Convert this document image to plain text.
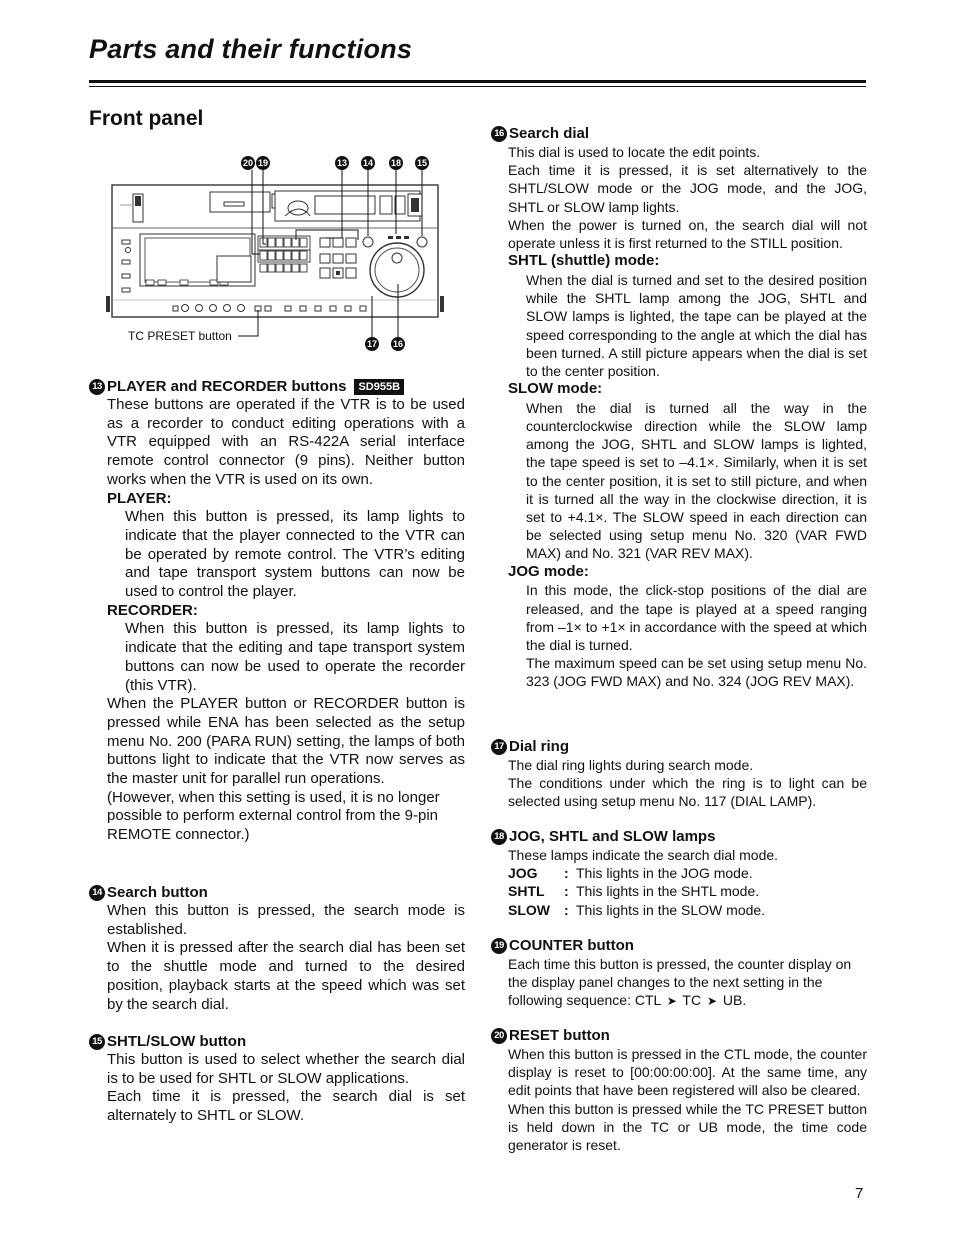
Parts and their functions
Front panel
20 19	13 14 18 15
17 16
TC PRESET button

13 PLAYER and RECORDER buttons	SD955B

These buttons are operated if the VTR is to be used as a recorder to conduct editing operations with a VTR equipped with an RS-422A serial interface remote control connector (9 pins). Neither button works when the VTR is used on its own.

PLAYER:

When this button is pressed, its lamp lights to indicate that the player connected to the VTR can be operated by remote control. The VTR’s editing and tape transport system buttons can now be used to control the player.

RECORDER:

When this button is pressed, its lamp lights to indicate that the editing and tape transport system buttons can now be used to operate the recorder (this VTR).

When the PLAYER button or RECORDER button is pressed while ENA has been selected as the setup menu No. 200 (PARA RUN) setting, the lamps of both buttons light to indicate that the VTR now serves as the master unit for parallel run operations.

(However, when this setting is used, it is no longer possible to perform external control from the 9-pin REMOTE connector.)

14 Search button

When this button is pressed, the search mode is established.

When it is pressed after the search dial has been set to the shuttle mode and turned to the desired position, playback starts at the speed which was set by the search dial.

15 SHTL/SLOW button

This button is used to select whether the search dial is to be used for SHTL or SLOW applications.

Each time it is pressed, the search dial is set alternately to SHTL or SLOW.

16 Search dial

This dial is used to locate the edit points.

Each time it is pressed, it is set alternatively to the SHTL/SLOW mode or the JOG mode, and the JOG, SHTL or SLOW lamp lights.

When the power is turned on, the search dial will not operate unless it is first returned to the STILL position.

SHTL (shuttle) mode:

When the dial is turned and set to the desired position while the SHTL lamp among the JOG, SHTL and SLOW lamps is lighted, the tape can be played at the speed corresponding to the angle at which the dial has been turned. A still picture appears when the dial is set to the center position.

SLOW mode:

When the dial is turned all the way in the counterclockwise direction while the SLOW lamp among the JOG, SHTL and SLOW lamps is lighted, the tape speed is set to –4.1×. Similarly, when it is set to the center position, it is set to still picture, and when it is turned all the way in the clockwise direction, it is set to +4.1×. The SLOW speed in each direction can be selected using setup menu No. 320 (VAR FWD MAX) and No. 321 (VAR REV MAX).

JOG mode:

In this mode, the click-stop positions of the dial are released, and the tape is played at a speed ranging from –1× to +1× in accordance with the speed at which the dial is turned.

The maximum speed can be set using setup menu No. 323 (JOG FWD MAX) and No. 324 (JOG REV MAX).

17 Dial ring

The dial ring lights during search mode.

The conditions under which the ring is to light can be selected using setup menu No. 117 (DIAL LAMP).

18 JOG, SHTL and SLOW lamps

These lamps indicate the search dial mode.

JOG	: This lights in the JOG mode.
SHTL	: This lights in the SHTL mode.
SLOW	: This lights in the SLOW mode.

19 COUNTER button

Each time this button is pressed, the counter display on the display panel changes to the next setting in the following sequence: CTL ➤ TC ➤ UB.

20 RESET button

When this button is pressed in the CTL mode, the counter display is reset to [00:00:00:00]. At the same time, any edit points that have been registered will also be cleared.

When this button is pressed while the TC PRESET button is held down in the TC or UB mode, the time code generator is reset.

7
